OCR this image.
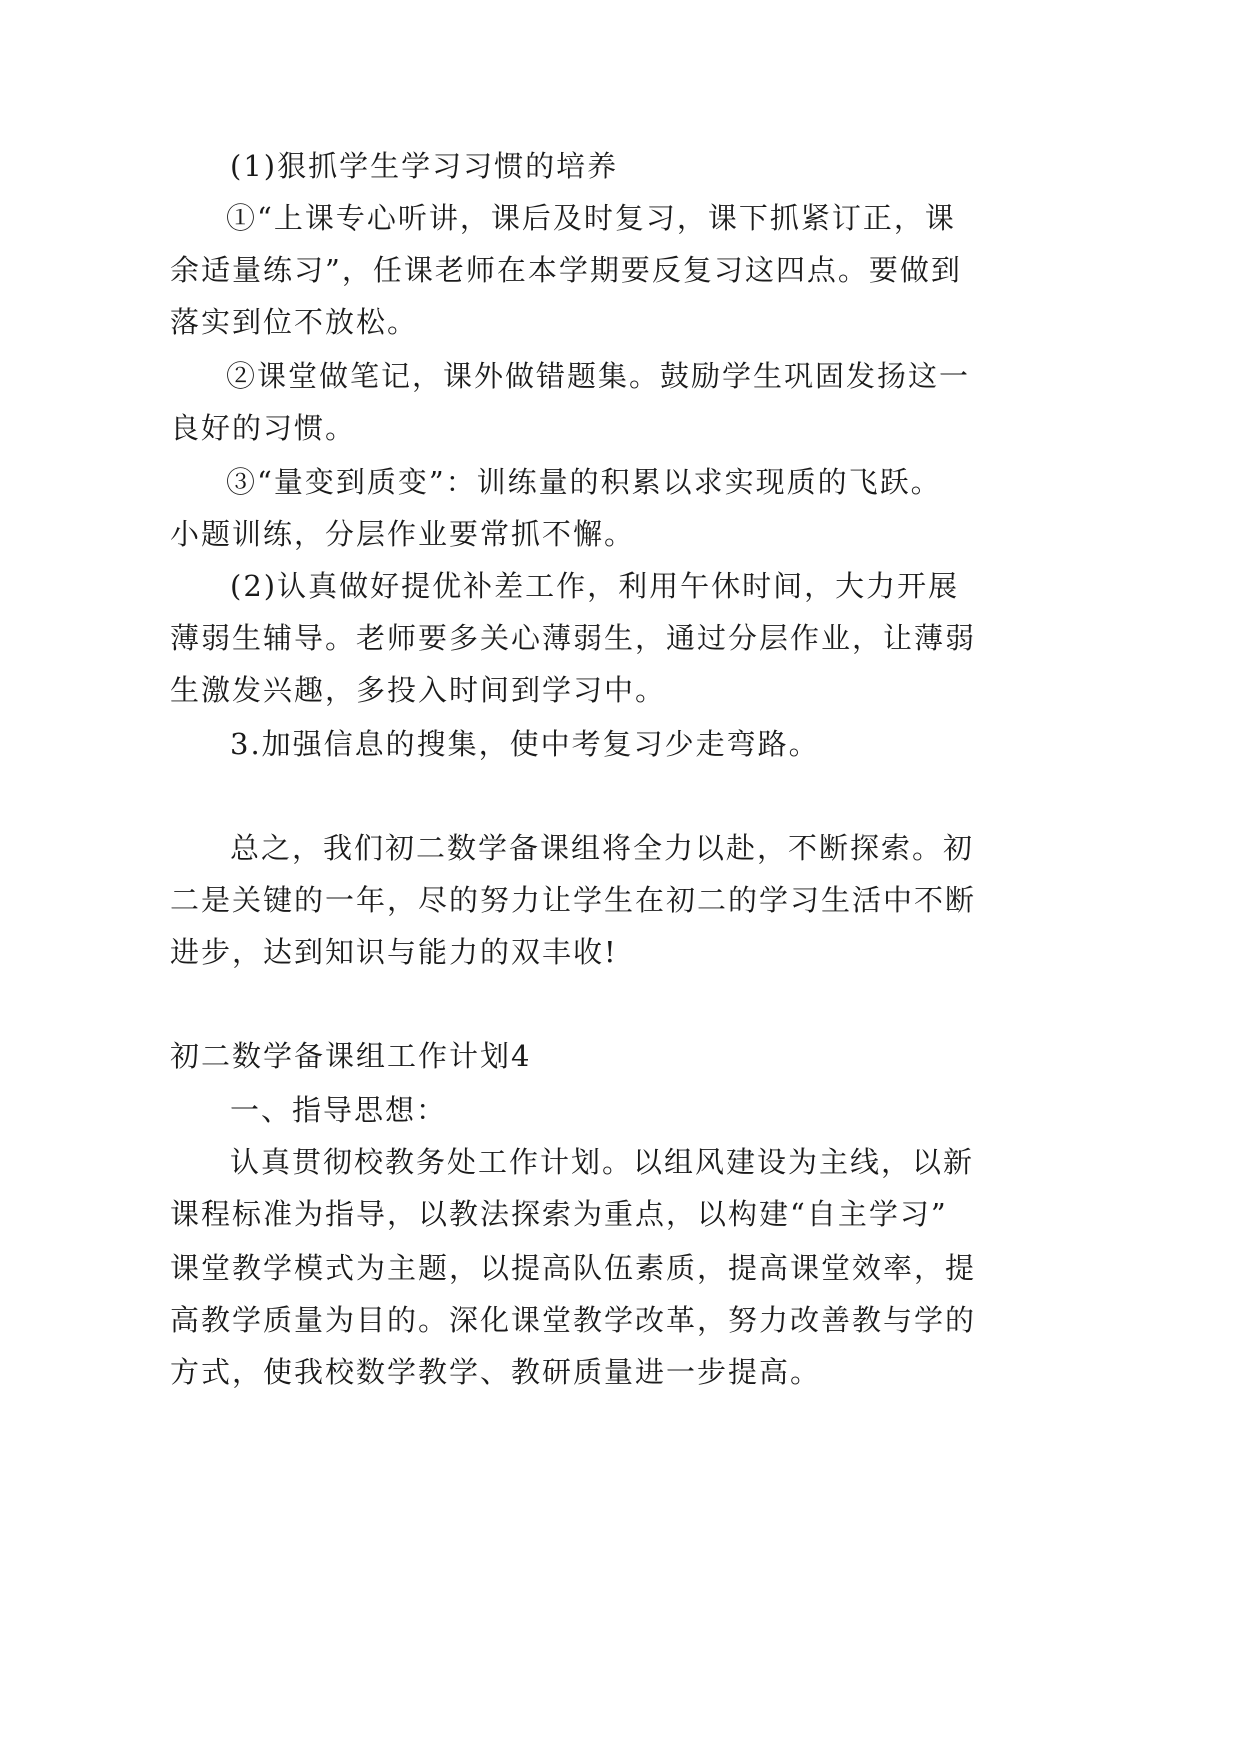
(1)狠抓学生学习习惯的培养
①“上课专心听讲，课后及时复习，课下抓紧订正，课
余适量练习”，任课老师在本学期要反复习这四点。要做到
落实到位不放松。
②课堂做笔记，课外做错题集。鼓励学生巩固发扬这一
良好的习惯。
③“量变到质变”：训练量的积累以求实现质的飞跃。
小题训练，分层作业要常抓不懈。
(2)认真做好提优补差工作，利用午休时间，大力开展
薄弱生辅导。老师要多关心薄弱生，通过分层作业，让薄弱
生激发兴趣，多投入时间到学习中。
3.加强信息的搜集，使中考复习少走弯路。
总之，我们初二数学备课组将全力以赴，不断探索。初
二是关键的一年，尽的努力让学生在初二的学习生活中不断
进步，达到知识与能力的双丰收!
初二数学备课组工作计划4
一、指导思想：
认真贯彻校教务处工作计划。以组风建设为主线，以新
课程标准为指导，以教法探索为重点，以构建“自主学习”
课堂教学模式为主题，以提高队伍素质，提高课堂效率，提
高教学质量为目的。深化课堂教学改革，努力改善教与学的
方式，使我校数学教学、教研质量进一步提高。
